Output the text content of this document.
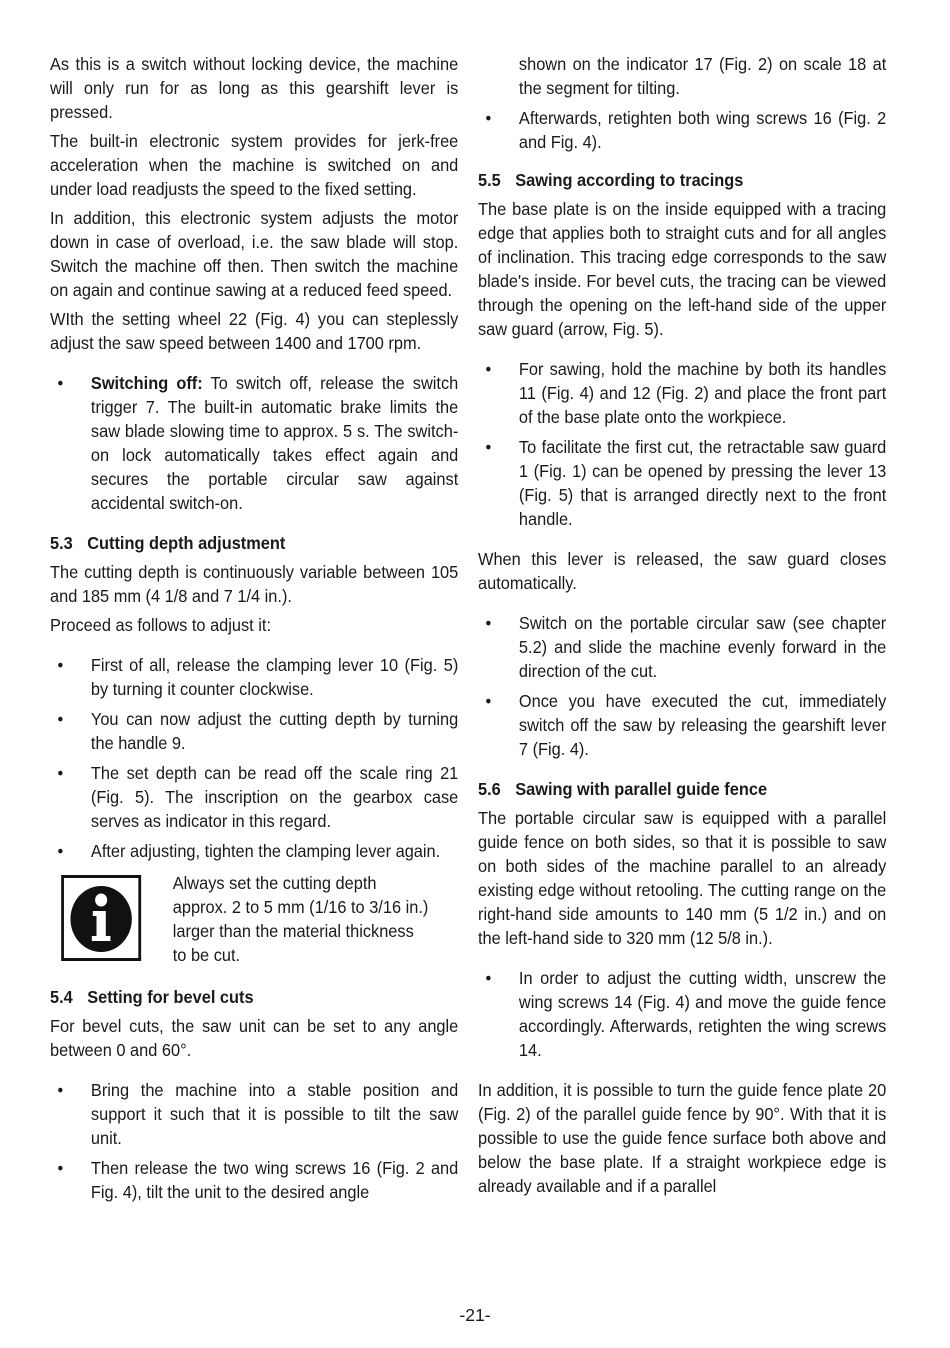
As this is a switch without locking device, the machine will only run for as long as this gearshift lever is pressed.

The built-in electronic system provides for jerk-free acceleration when the machine is switched on and under load readjusts the speed to the fixed setting.

In addition, this electronic system adjusts the motor down in case of overload, i.e. the saw blade will stop. Switch the machine off then. Then switch the machine on again and continue sawing at a reduced feed speed.

WIth the setting wheel 22 (Fig. 4) you can steplessly adjust the saw speed between 1400 and 1700 rpm.

• Switching off: To switch off, release the switch trigger 7. The built-in automatic brake limits the saw blade slowing time to approx. 5 s. The switch-on lock automatically takes effect again and secures the portable circular saw against accidental switch-on.
5.3 Cutting depth adjustment

The cutting depth is continuously variable between 105 and 185 mm (4 1/8 and 7 1/4 in.).

Proceed as follows to adjust it:

• First of all, release the clamping lever 10 (Fig. 5) by turning it counter clockwise.
• You can now adjust the cutting depth by turning the handle 9.
• The set depth can be read off the scale ring 21 (Fig. 5). The inscription on the gearbox case serves as indicator in this regard.
• After adjusting, tighten the clamping lever again.
Always set the cutting depth
approx. 2 to 5 mm (1/16 to 3/16 in.)
larger than the material thickness
to be cut.
5.4 Setting for bevel cuts

For bevel cuts, the saw unit can be set to any angle between 0 and 60°.

• Bring the machine into a stable position and support it such that it is possible to tilt the saw unit.
• Then release the two wing screws 16 (Fig. 2 and Fig. 4), tilt the unit to the desired angle
shown on the indicator 17 (Fig. 2) on scale 18 at the segment for tilting.
• Afterwards, retighten both wing screws 16 (Fig. 2 and Fig. 4).
5.5 Sawing according to tracings

The base plate is on the inside equipped with a tracing edge that applies both to straight cuts and for all angles of inclination. This tracing edge corresponds to the saw blade's inside. For bevel cuts, the tracing can be viewed through the opening on the left-hand side of the upper saw guard (arrow, Fig. 5).

• For sawing, hold the machine by both its handles 11 (Fig. 4) and 12 (Fig. 2) and place the front part of the base plate onto the workpiece.
• To facilitate the first cut, the retractable saw guard 1 (Fig. 1) can be opened by pressing the lever 13 (Fig. 5) that is arranged directly next to the front handle.

When this lever is released, the saw guard closes automatically.

• Switch on the portable circular saw (see chapter 5.2) and slide the machine evenly forward in the direction of the cut.
• Once you have executed the cut, immediately switch off the saw by releasing the gearshift lever 7 (Fig. 4).
5.6 Sawing with parallel guide fence

The portable circular saw is equipped with a parallel guide fence on both sides, so that it is possible to saw on both sides of the machine parallel to an already existing edge without retooling. The cutting range on the right-hand side amounts to 140 mm (5 1/2 in.) and on the left-hand side to 320 mm (12 5/8 in.).

• In order to adjust the cutting width, unscrew the wing screws 14 (Fig. 4) and move the guide fence accordingly. Afterwards, retighten the wing screws 14.

In addition, it is possible to turn the guide fence plate 20 (Fig. 2) of the parallel guide fence by 90°. With that it is possible to use the guide fence surface both above and below the base plate. If a straight workpiece edge is already available and if a parallel

-21-
